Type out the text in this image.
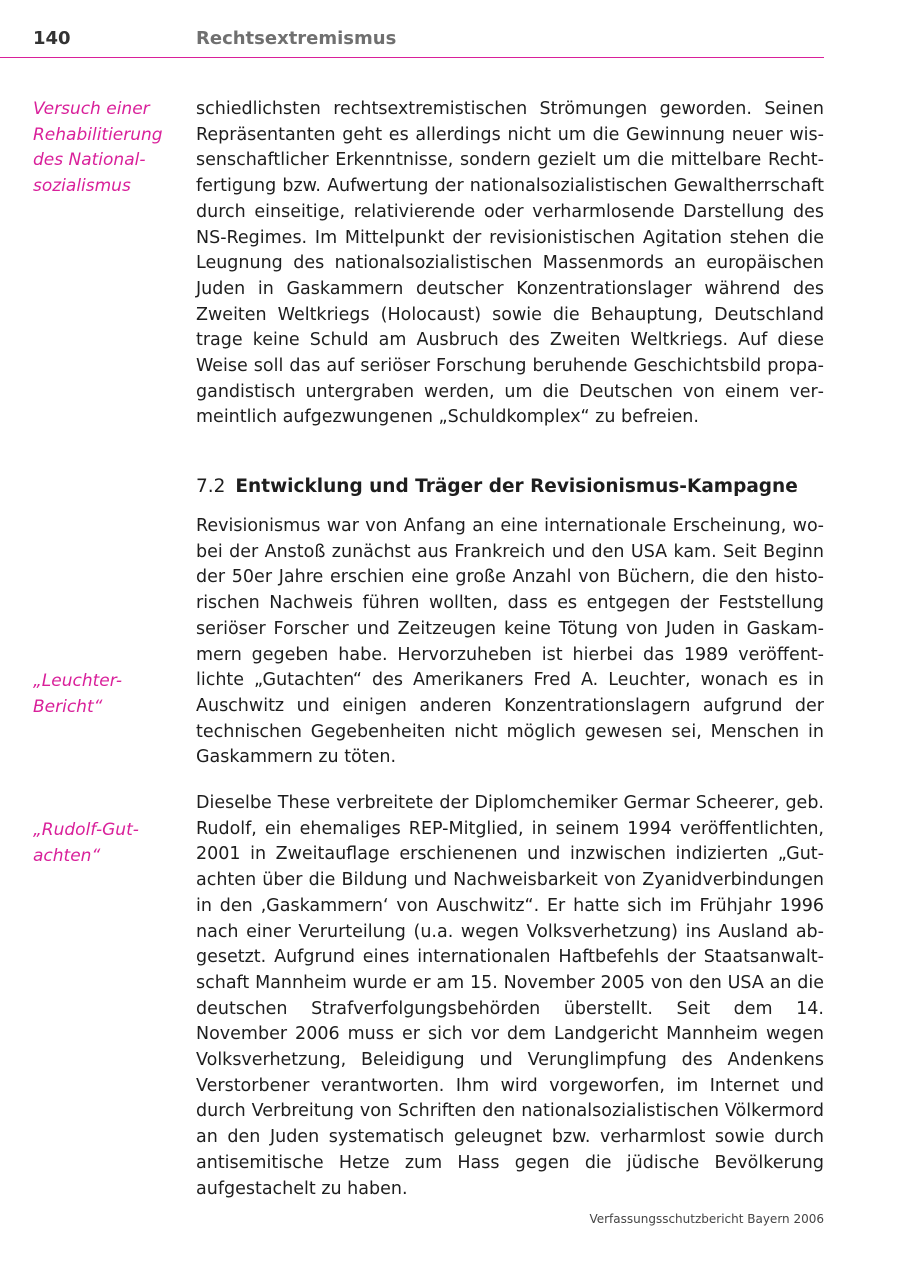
140	Rechtsextremismus
Versuch einer Rehabilitierung des Nationalsozialismus
schiedlichsten rechtsextremistischen Strömungen geworden. Seinen Repräsentanten geht es allerdings nicht um die Gewinnung neuer wissenschaftlicher Erkenntnisse, sondern gezielt um die mittelbare Rechtfertigung bzw. Aufwertung der nationalsozialistischen Gewaltherrschaft durch einseitige, relativierende oder verharmlosende Darstellung des NS-Regimes. Im Mittelpunkt der revisionistischen Agitation stehen die Leugnung des nationalsozialistischen Massenmords an europäischen Juden in Gaskammern deutscher Konzentrationslager während des Zweiten Weltkriegs (Holocaust) sowie die Behauptung, Deutschland trage keine Schuld am Ausbruch des Zweiten Weltkriegs. Auf diese Weise soll das auf seriöser Forschung beruhende Geschichtsbild propagandistisch untergraben werden, um die Deutschen von einem vermeintlich aufgezwungenen „Schuldkomplex“ zu befreien.
7.2 Entwicklung und Träger der Revisionismus-Kampagne
Revisionismus war von Anfang an eine internationale Erscheinung, wobei der Anstoß zunächst aus Frankreich und den USA kam. Seit Beginn der 50er Jahre erschien eine große Anzahl von Büchern, die den historischen Nachweis führen wollten, dass es entgegen der Feststellung seriöser Forscher und Zeitzeugen keine Tötung von Juden in Gaskammern gegeben habe. Hervorzuheben ist hierbei das 1989 veröffentlichte „Gutachten“ des Amerikaners Fred A. Leuchter, wonach es in Auschwitz und einigen anderen Konzentrationslagern aufgrund der technischen Gegebenheiten nicht möglich gewesen sei, Menschen in Gaskammern zu töten.
„Leuchter-Bericht“
Dieselbe These verbreitete der Diplomchemiker Germar Scheerer, geb. Rudolf, ein ehemaliges REP-Mitglied, in seinem 1994 veröffentlichten, 2001 in Zweitauflage erschienenen und inzwischen indizierten „Gutachten über die Bildung und Nachweisbarkeit von Zyanidverbindungen in den ‚Gaskammern‘ von Auschwitz“. Er hatte sich im Frühjahr 1996 nach einer Verurteilung (u.a. wegen Volksverhetzung) ins Ausland abgesetzt. Aufgrund eines internationalen Haftbefehls der Staatsanwaltschaft Mannheim wurde er am 15. November 2005 von den USA an die deutschen Strafverfolgungsbehörden überstellt. Seit dem 14. November 2006 muss er sich vor dem Landgericht Mannheim wegen Volksverhetzung, Beleidigung und Verunglimpfung des Andenkens Verstorbener verantworten. Ihm wird vorgeworfen, im Internet und durch Verbreitung von Schriften den nationalsozialistischen Völkermord an den Juden systematisch geleugnet bzw. verharmlost sowie durch antisemitische Hetze zum Hass gegen die jüdische Bevölkerung aufgestachelt zu haben.
„Rudolf-Gutachten“
Verfassungsschutzbericht Bayern 2006
